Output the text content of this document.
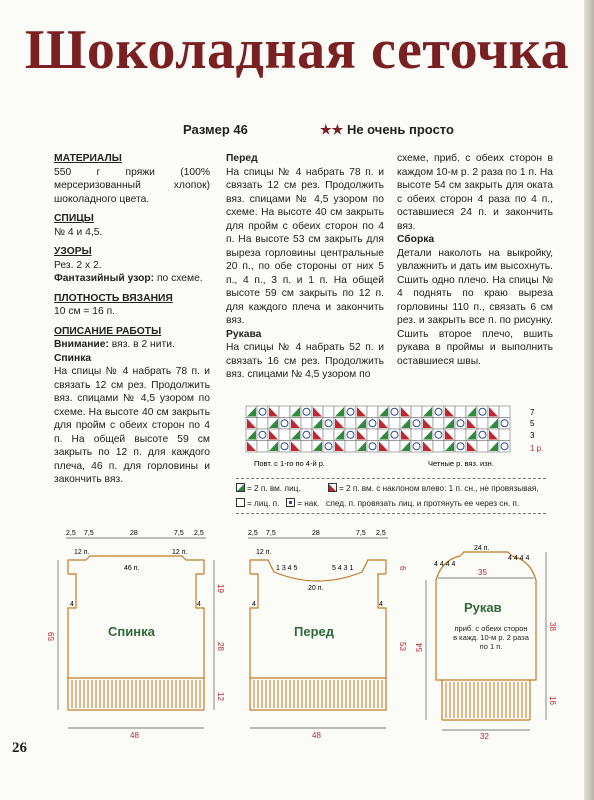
Шоколадная сеточка
Размер 46	★★ Не очень просто

МАТЕРИАЛЫ

550 г пряжи (100% мерсеризованный хлопок) шоколадного цвета.

СПИЦЫ

№ 4 и 4,5.

УЗОРЫ

Рез. 2 х 2.

Фантазийный узор: по схеме.

ПЛОТНОСТЬ ВЯЗАНИЯ

10 см = 16 п.

ОПИСАНИЕ РАБОТЫ

Внимание: вяз. в 2 нити.

Спинка

На спицы № 4 набрать 78 п. и связать 12 см рез. Продолжить вяз. спицами № 4,5 узором по схеме. На высоте 40 см закрыть для пройм с обеих сторон по 4 п. На общей высоте 59 см закрыть по 12 п. для каждого плеча, 46 п. для горловины и закончить вяз.

Перед

На спицы № 4 набрать 78 п. и связать 12 см рез. Продолжить вяз. спицами № 4,5 узором по схеме. На высоте 40 см закрыть для пройм с обеих сторон по 4 п. На высоте 53 см закрыть для выреза горловины центральные 20 п., по обе стороны от них 5 п., 4 п., 3 п. и 1 п. На общей высоте 59 см закрыть по 12 п. для каждого плеча и закончить вяз.

Рукава

На спицы № 4 набрать 52 п. и связать 16 см рез. Продолжить вяз. спицами № 4,5 узором по

схеме, приб. с обеих сторон в каждом 10-м р. 2 раза по 1 п. На высоте 54 см закрыть для оката с обеих сторон 4 раза по 4 п., оставшиеся 24 п. и закончить вяз.

Сборка

Детали наколоть на выкройку, увлажнить и дать им высохнуть. Сшить одно плечо. На спицы № 4 поднять по краю выреза горловины 110 п., связать 6 см рез. и закрыть все п. по рисунку. Сшить второе плечо, вшить рукава в проймы и выполнить оставшиеся швы.

7
5
3
1 р.
Повт. с 1-го по 4-й р.	Четные р. вяз. изн.
= 2 п. вм. лиц.	= 2 п. вм. с наклоном влево: 1 п. сн., не провязывая,
= лиц. п. = нак. след. п. провязать лиц. и протянуть ее через сн. п.
2,5 7,5	28	7,5 2,5
12 п.	12 п.
46 п.
4	4
59
19
28
12
Спинка
48
2,5 7,5	28	7,5 2,5
12 п.
1 3 4 5	5 4 3 1
20 п.
4	4
6
53
Перед
48
24 п.
4 4 4 4
4 4 4 4
35
Рукав
приб. с обеих сторон в кажд. 10-м р. 2 раза по 1 п.
54
38
16
32
26
